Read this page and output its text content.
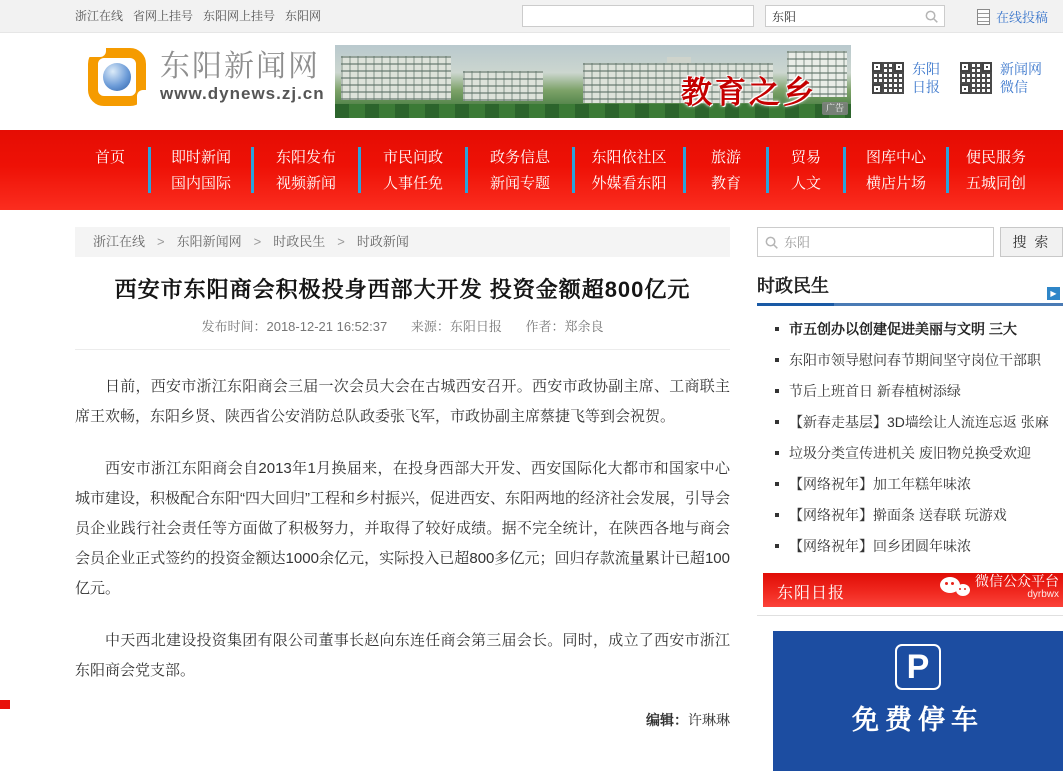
浙江在线 省网上挂号 东阳网上挂号 东阳网
东阳	在线投稿
东阳新闻网
www.dynews.zj.cn	教育之乡 广告
东阳
日报
新闻网
微信
首页	即时新闻
国内国际
东阳发布
视频新闻
市民问政
人事任免
政务信息
新闻专题
东阳依社区
外媒看东阳
旅游
教育
贸易
人文
图库中心
横店片场
便民服务
五城同创
浙江在线 > 东阳新闻网 > 时政民生 > 时政新闻
西安市东阳商会积极投身西部大开发 投资金额超800亿元
发布时间：2018-12-21 16:52:37 来源：东阳日报 作者：郑余良

日前，西安市浙江东阳商会三届一次会员大会在古城西安召开。西安市政协副主席、工商联主席王欢畅，东阳乡贤、陕西省公安消防总队政委张飞军，市政协副主席蔡捷飞等到会祝贺。

西安市浙江东阳商会自2013年1月换届来，在投身西部大开发、西安国际化大都市和国家中心城市建设，积极配合东阳“四大回归”工程和乡村振兴，促进西安、东阳两地的经济社会发展，引导会员企业践行社会责任等方面做了积极努力，并取得了较好成绩。据不完全统计，在陕西各地与商会会员企业正式签约的投资金额达1000余亿元，实际投入已超800多亿元；回归存款流量累计已超100亿元。

中天西北建设投资集团有限公司董事长赵向东连任商会第三届会长。同时，成立了西安市浙江东阳商会党支部。

编辑：许琳琳
东阳
搜 索
时政民生	▶
市五创办以创建促进美丽与文明 三大
东阳市领导慰问春节期间坚守岗位干部职
节后上班首日 新春植树添绿
【新春走基层】3D墙绘让人流连忘返 张麻
垃圾分类宣传进机关 废旧物兑换受欢迎
【网络祝年】加工年糕年味浓
【网络祝年】擀面条 送春联 玩游戏
【网络祝年】回乡团圆年味浓
东阳日报
微信公众平台
dyrbwx
P
免费停车
